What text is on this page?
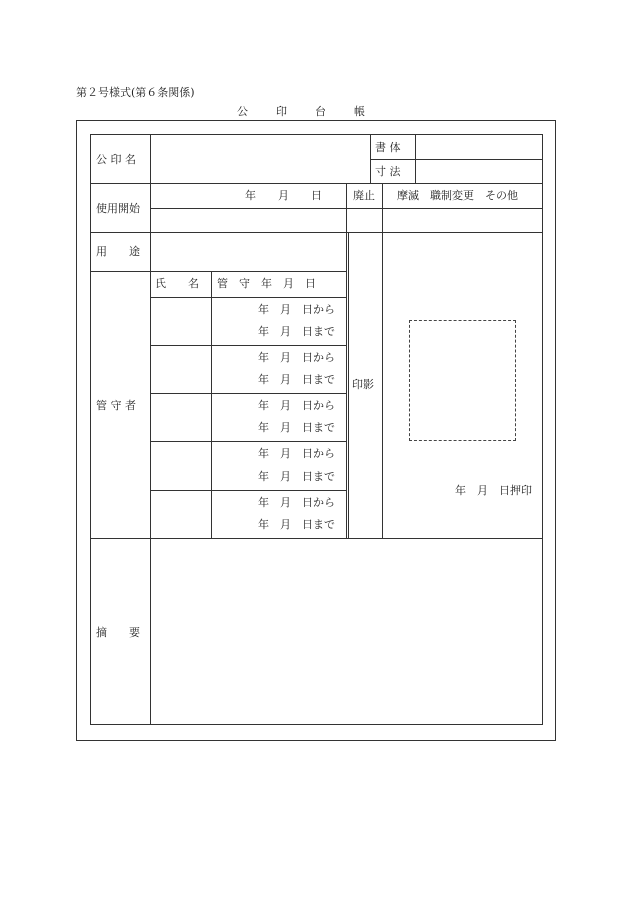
第２号様式(第６条関係)
公印台帳
公 印 名
書 体
寸 法
使用開始
年　　月　　日	廃止 摩滅　職制変更　その他
用　　途
氏　　名 管　守　年　月　日
管 守 者
印影
摘　　要
年　月　日押印
年　月　日から
年　月　日まで
年　月　日から
年　月　日まで
年　月　日から
年　月　日まで
年　月　日から
年　月　日まで
年　月　日から
年　月　日まで
